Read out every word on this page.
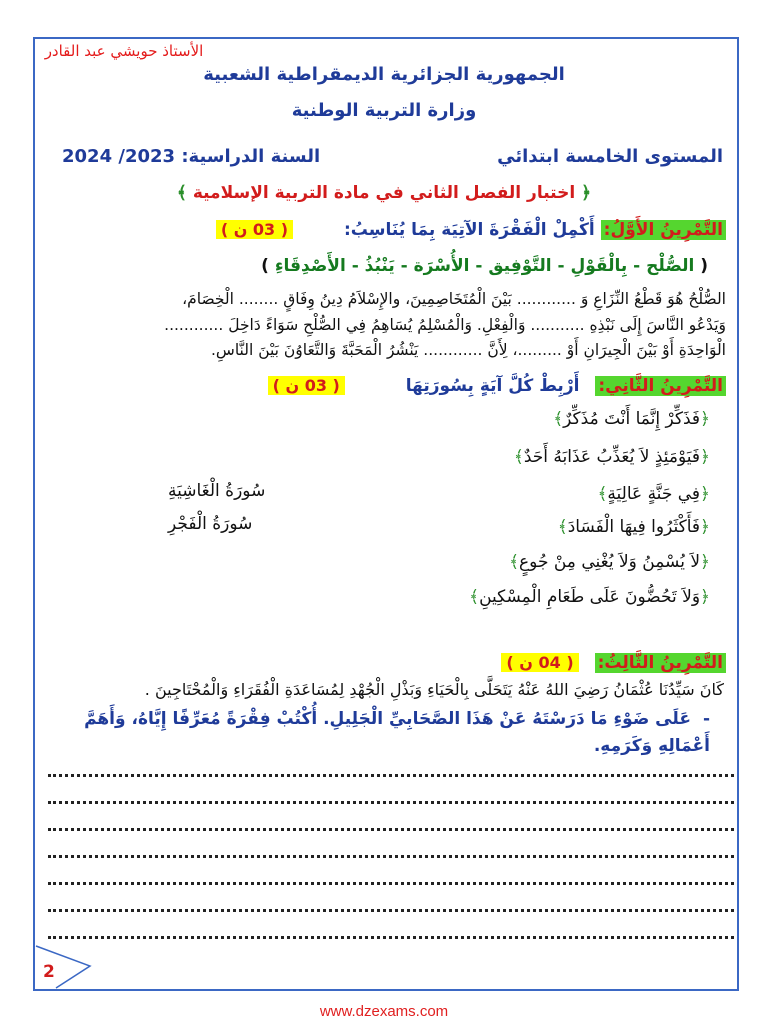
الأستاذ حويشي عبد القادر
الجمهورية الجزائرية الديمقراطية الشعبية
وزارة التربية الوطنية
المستوى الخامسة ابتدائي
السنة الدراسية: 2023/ 2024
﴿ اختبار الفصل الثاني في مادة التربية الإسلامية ﴾
التَّمْرِينُ الأَوَّلُ: أَكْمِلْ الْفَقْرَةَ الآتِيَة بِمَا يُنَاسِبُ: ( 03 ن )
( الصُّلْح - بِالْقَوْلِ - التَّوْفِيق - الأُسْرَة - يَنْبُذُ - الأَصْدِقَاءِ )
الصُّلْحُ هُوَ قَطْعُ النِّزَاعِ وَ ............ بَيْنَ الْمُتَخَاصِمِينَ، والإِسْلاَمُ دِينُ وِفَاقٍ ........ الْخِصَامَ،
وَيَدْعُو النَّاسَ إِلَى نَبْذِهِ ........... وَالْفِعْلِ. وَالْمُسْلِمُ يُسَاهِمُ فِي الصُّلْحِ سَوَاءً دَاخِلَ ............
الْوَاحِدَةِ أَوْ بَيْنَ الْجِيرَانِ أَوْ .........، لِأَنَّ ............ يَنْشُرُ الْمَحَبَّةَ وَالتَّعَاوُنَ بَيْنَ النَّاسِ.
التَّمْرِينُ الثَّانِي: أَرْبِطْ كُلَّ آيَةٍ بِسُورَتِهَا ( 03 ن )
﴿فَذَكِّرْ إِنَّمَا أَنْتَ مُذَكِّرٌ﴾
﴿فَيَوْمَئِذٍ لاَ يُعَذِّبُ عَذَابَهُ أَحَدٌ﴾
﴿فِي جَنَّةٍ عَالِيَةٍ﴾
﴿فَأَكْثَرُوا فِيهَا الْفَسَادَ﴾
﴿لاَ يُسْمِنُ وَلاَ يُغْنِي مِنْ جُوعٍ﴾
﴿وَلاَ تَحُضُّونَ عَلَى طَعَامِ الْمِسْكِينِ﴾
سُورَةُ الْغَاشِيَةِ
سُورَةُ الْفَجْرِ
التَّمْرِينُ الثَّالِثُ: ( 04 ن )
كَانَ سَيِّدُنَا عُثْمَانُ رَضِيَ اللهُ عَنْهُ يَتَحَلَّى بِالْحَيَاءِ وَبَذْلِ الْجُهْدِ لِمُسَاعَدَةِ الْفُقَرَاءِ وَالْمُحْتَاجِينَ .
-عَلَى ضَوْءِ مَا دَرَسْتَهُ عَنْ هَذَا الصَّحَابِيِّ الْجَلِيلِ. أُكْتُبْ فِقْرَةً مُعَرِّفًا إِيَّاهُ، وَأَهَمَّ أَعْمَالِهِ وَكَرَمِهِ.
2
www.dzexams.com
